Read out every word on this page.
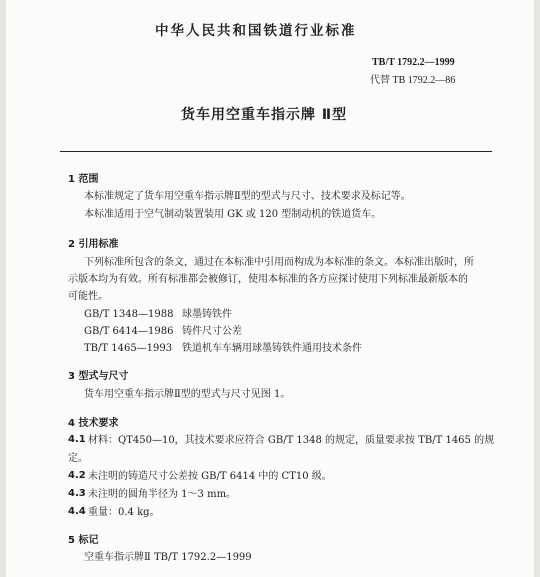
中华人民共和国铁道行业标准
TB/T 1792.2—1999
代替 TB 1792.2—86
货车用空重车指示牌 Ⅱ型
1 范围
本标准规定了货车用空重车指示牌Ⅱ型的型式与尺寸、技术要求及标记等。
本标准适用于空气制动装置装用 GK 或 120 型制动机的铁道货车。
2 引用标准
下列标准所包含的条文，通过在本标准中引用而构成为本标准的条文。本标准出版时，所
示版本均为有效。所有标准都会被修订，使用本标准的各方应探讨使用下列标准最新版本的
可能性。
GB/T 1348—1988 球墨铸铁件
GB/T 6414—1986 铸件尺寸公差
TB/T 1465—1993 铁道机车车辆用球墨铸铁件通用技术条件
3 型式与尺寸
货车用空重车指示牌Ⅱ型的型式与尺寸见图 1。
4 技术要求
4.1 材料：QT450—10，其技术要求应符合 GB/T 1348 的规定，质量要求按 TB/T 1465 的规
定。
4.2 未注明的铸造尺寸公差按 GB/T 6414 中的 CT10 级。
4.3 未注明的圆角半径为 1～3 mm。
4.4 重量：0.4 kg。
5 标记
空重车指示牌Ⅱ TB/T 1792.2—1999
